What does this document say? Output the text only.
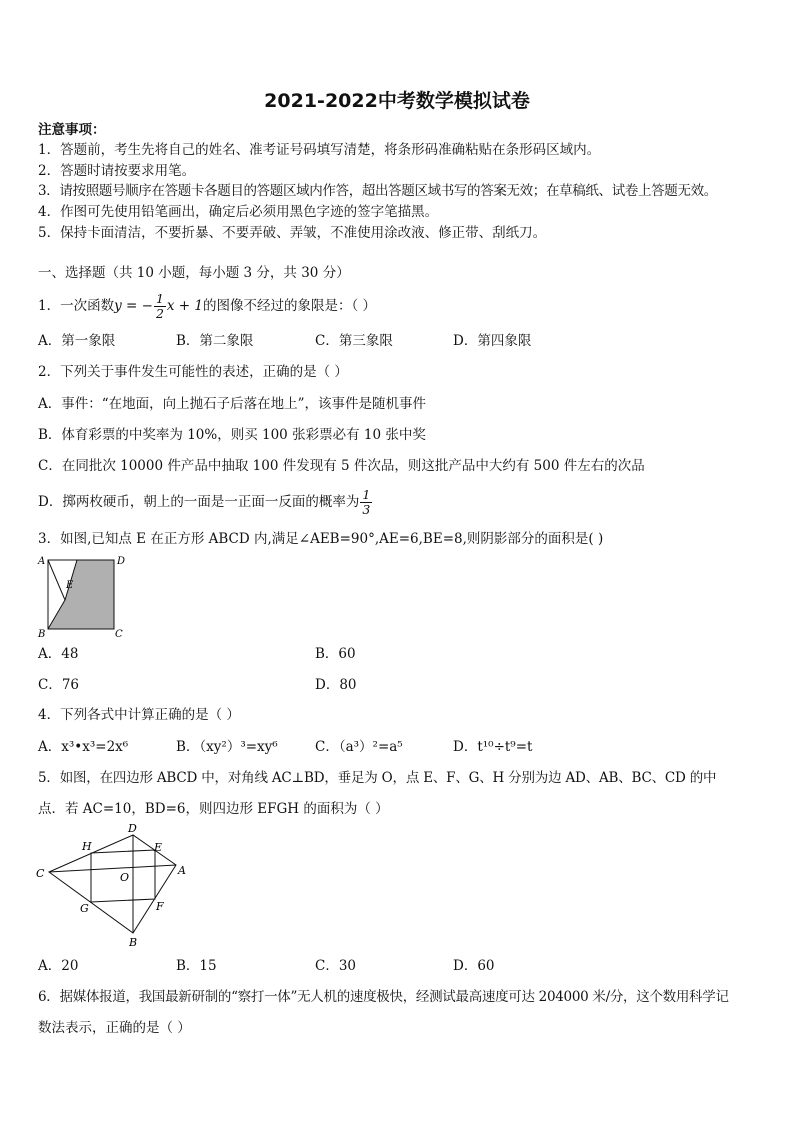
2021-2022中考数学模拟试卷
注意事项：
1．答题前，考生先将自己的姓名、准考证号码填写清楚，将条形码准确粘贴在条形码区域内。
2．答题时请按要求用笔。
3．请按照题号顺序在答题卡各题目的答题区域内作答，超出答题区域书写的答案无效；在草稿纸、试卷上答题无效。
4．作图可先使用铅笔画出，确定后必须用黑色字迹的签字笔描黑。
5．保持卡面清洁，不要折暴、不要弄破、弄皱，不准使用涂改液、修正带、刮纸刀。
一、选择题（共 10 小题，每小题 3 分，共 30 分）
1．一次函数y = − $\frac{1}{2}$ x + 1的图像不经过的象限是：（ ）
A．第一象限	B．第二象限	C．第三象限	D．第四象限
2．下列关于事件发生可能性的表述，正确的是（ ）
A．事件：“在地面，向上抛石子后落在地上”，该事件是随机事件
B．体育彩票的中奖率为 10%，则买 100 张彩票必有 10 张中奖
C．在同批次 10000 件产品中抽取 100 件发现有 5 件次品，则这批产品中大约有 500 件左右的次品
D．掷两枚硬币，朝上的一面是一正面一反面的概率为 $\frac{1}{3}$
3．如图,已知点 E 在正方形 ABCD 内,满足∠AEB=90°,AE=6,BE=8,则阴影部分的面积是( )
A	D
E
B	C
A．48	B．60
C．76	D．80
4．下列各式中计算正确的是（ ）
A．x³•x³=2x⁶	B．（xy²）³=xy⁶	C．（a³）²=a⁵	D．t¹⁰÷t⁹=t
5．如图，在四边形 ABCD 中，对角线 AC⊥BD，垂足为 O，点 E、F、G、H 分别为边 AD、AB、BC、CD 的中
点．若 AC=10，BD=6，则四边形 EFGH 的面积为（ ）
D
H	E
C	O
A
G	F
B
A．20	B．15	C．30	D．60
6．据媒体报道，我国最新研制的“察打一体”无人机的速度极快，经测试最高速度可达 204000 米/分，这个数用科学记
数法表示，正确的是（ ）
